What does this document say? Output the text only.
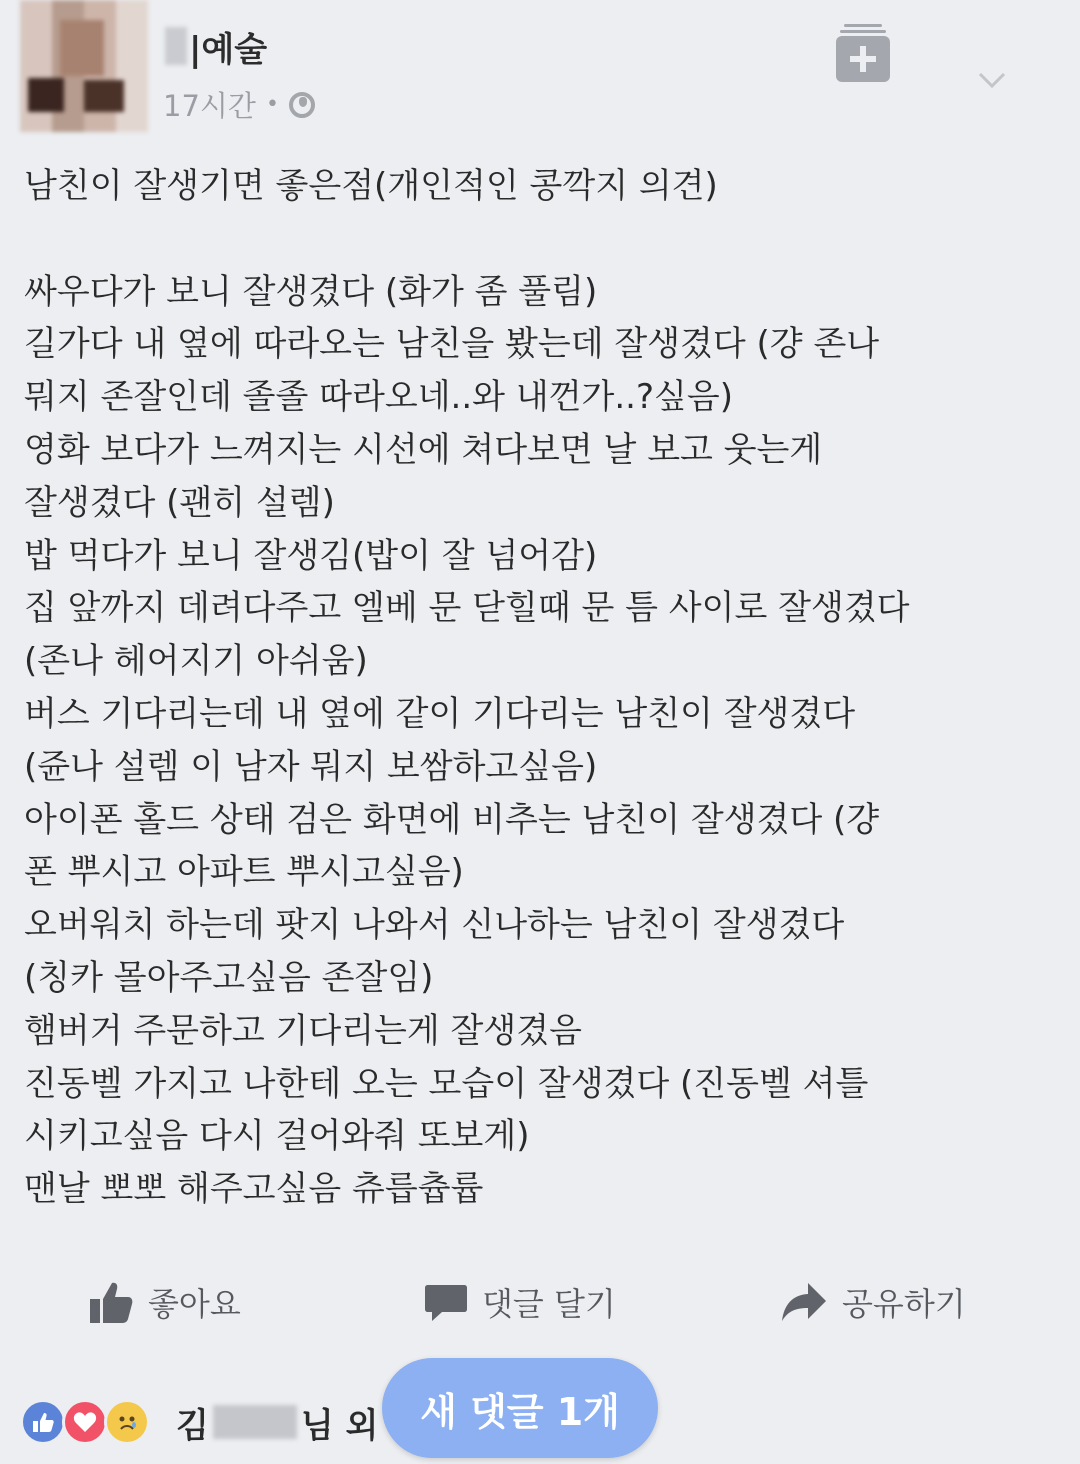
|예술
17시간 •

남친이 잘생기면 좋은점(개인적인 콩깍지 의견)

싸우다가 보니 잘생겼다 (화가 좀 풀림)

길가다 내 옆에 따라오는 남친을 봤는데 잘생겼다 (걍 존나

뭐지 존잘인데 졸졸 따라오네..와 내껀가..?싶음)

영화 보다가 느껴지는 시선에 쳐다보면 날 보고 웃는게

잘생겼다 (괜히 설렘)

밥 먹다가 보니 잘생김(밥이 잘 넘어감)

집 앞까지 데려다주고 엘베 문 닫힐때 문 틈 사이로 잘생겼다

(존나 헤어지기 아쉬움)

버스 기다리는데 내 옆에 같이 기다리는 남친이 잘생겼다

(쥰나 설렘 이 남자 뭐지 보쌈하고싶음)

아이폰 홀드 상태 검은 화면에 비추는 남친이 잘생겼다 (걍

폰 뿌시고 아파트 뿌시고싶음)

오버워치 하는데 팟지 나와서 신나하는 남친이 잘생겼다

(칭카 몰아주고싶음 존잘임)

햄버거 주문하고 기다리는게 잘생겼음

진동벨 가지고 나한테 오는 모습이 잘생겼다 (진동벨 셔틀

시키고싶음 다시 걸어와줘 또보게)

맨날 뽀뽀 해주고싶음 츄릅츕륩

좋아요	댓글 달기	공유하기
김	님 외	새 댓글 1개
